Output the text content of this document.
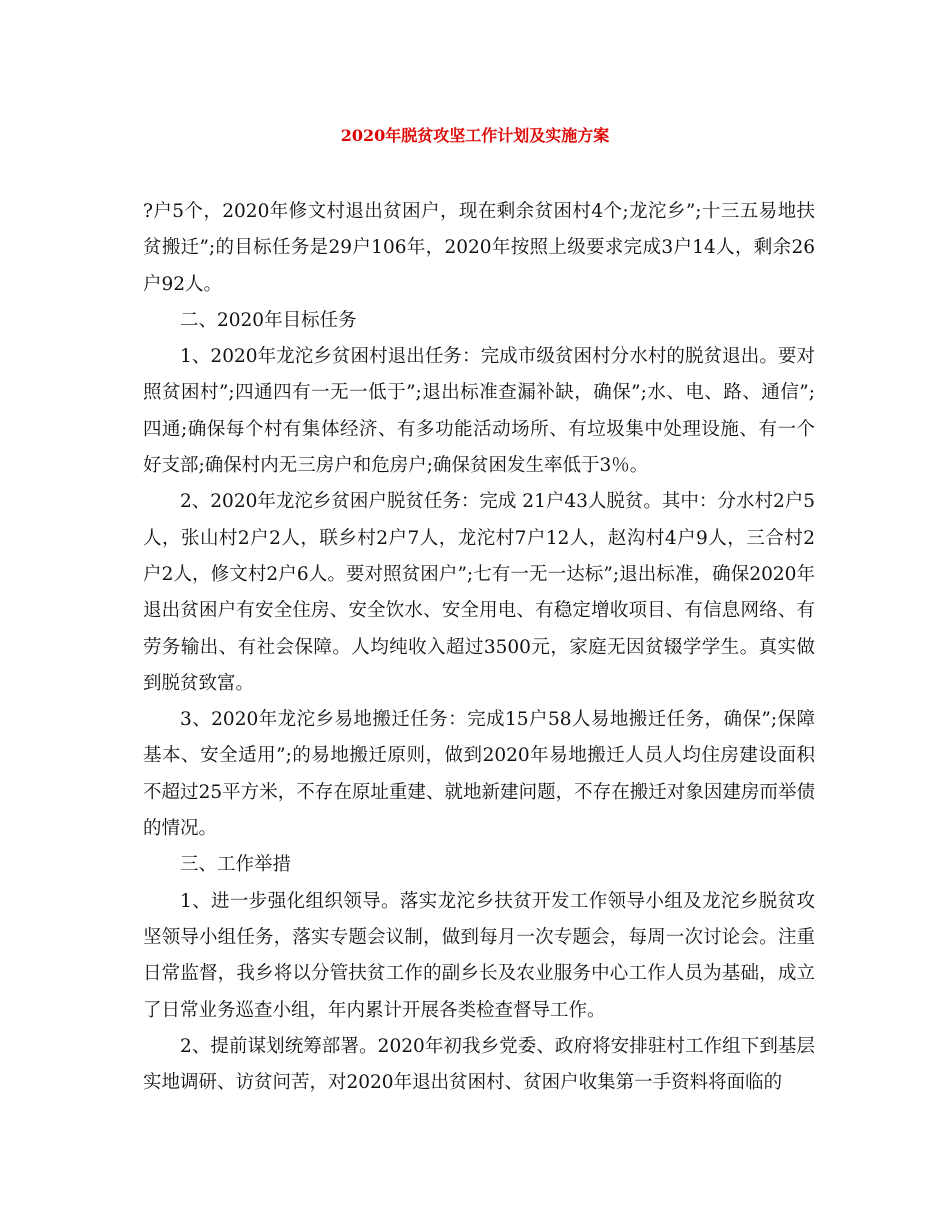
2020年脱贫攻坚工作计划及实施方案

?户5个，2020年修文村退出贫困户，现在剩余贫困村4个;龙沱乡”;十三五易地扶贫搬迁”;的目标任务是29户106年，2020年按照上级要求完成3户14人，剩余26户92人。

二、2020年目标任务

1、2020年龙沱乡贫困村退出任务：完成市级贫困村分水村的脱贫退出。要对照贫困村”;四通四有一无一低于”;退出标准查漏补缺，确保”;水、电、路、通信”;四通;确保每个村有集体经济、有多功能活动场所、有垃圾集中处理设施、有一个好支部;确保村内无三房户和危房户;确保贫困发生率低于3％。

2、2020年龙沱乡贫困户脱贫任务：完成 21户43人脱贫。其中：分水村2户5人，张山村2户2人，联乡村2户7人，龙沱村7户12人，赵沟村4户9人，三合村2户2人，修文村2户6人。要对照贫困户”;七有一无一达标”;退出标准，确保2020年退出贫困户有安全住房、安全饮水、安全用电、有稳定增收项目、有信息网络、有劳务输出、有社会保障。人均纯收入超过3500元，家庭无因贫辍学学生。真实做到脱贫致富。

3、2020年龙沱乡易地搬迁任务：完成15户58人易地搬迁任务，确保”;保障基本、安全适用”;的易地搬迁原则，做到2020年易地搬迁人员人均住房建设面积不超过25平方米，不存在原址重建、就地新建问题，不存在搬迁对象因建房而举债的情况。

三、工作举措

1、进一步强化组织领导。落实龙沱乡扶贫开发工作领导小组及龙沱乡脱贫攻坚领导小组任务，落实专题会议制，做到每月一次专题会，每周一次讨论会。注重日常监督，我乡将以分管扶贫工作的副乡长及农业服务中心工作人员为基础，成立了日常业务巡查小组，年内累计开展各类检查督导工作。

2、提前谋划统筹部署。2020年初我乡党委、政府将安排驻村工作组下到基层实地调研、访贫问苦，对2020年退出贫困村、贫困户收集第一手资料将面临的
